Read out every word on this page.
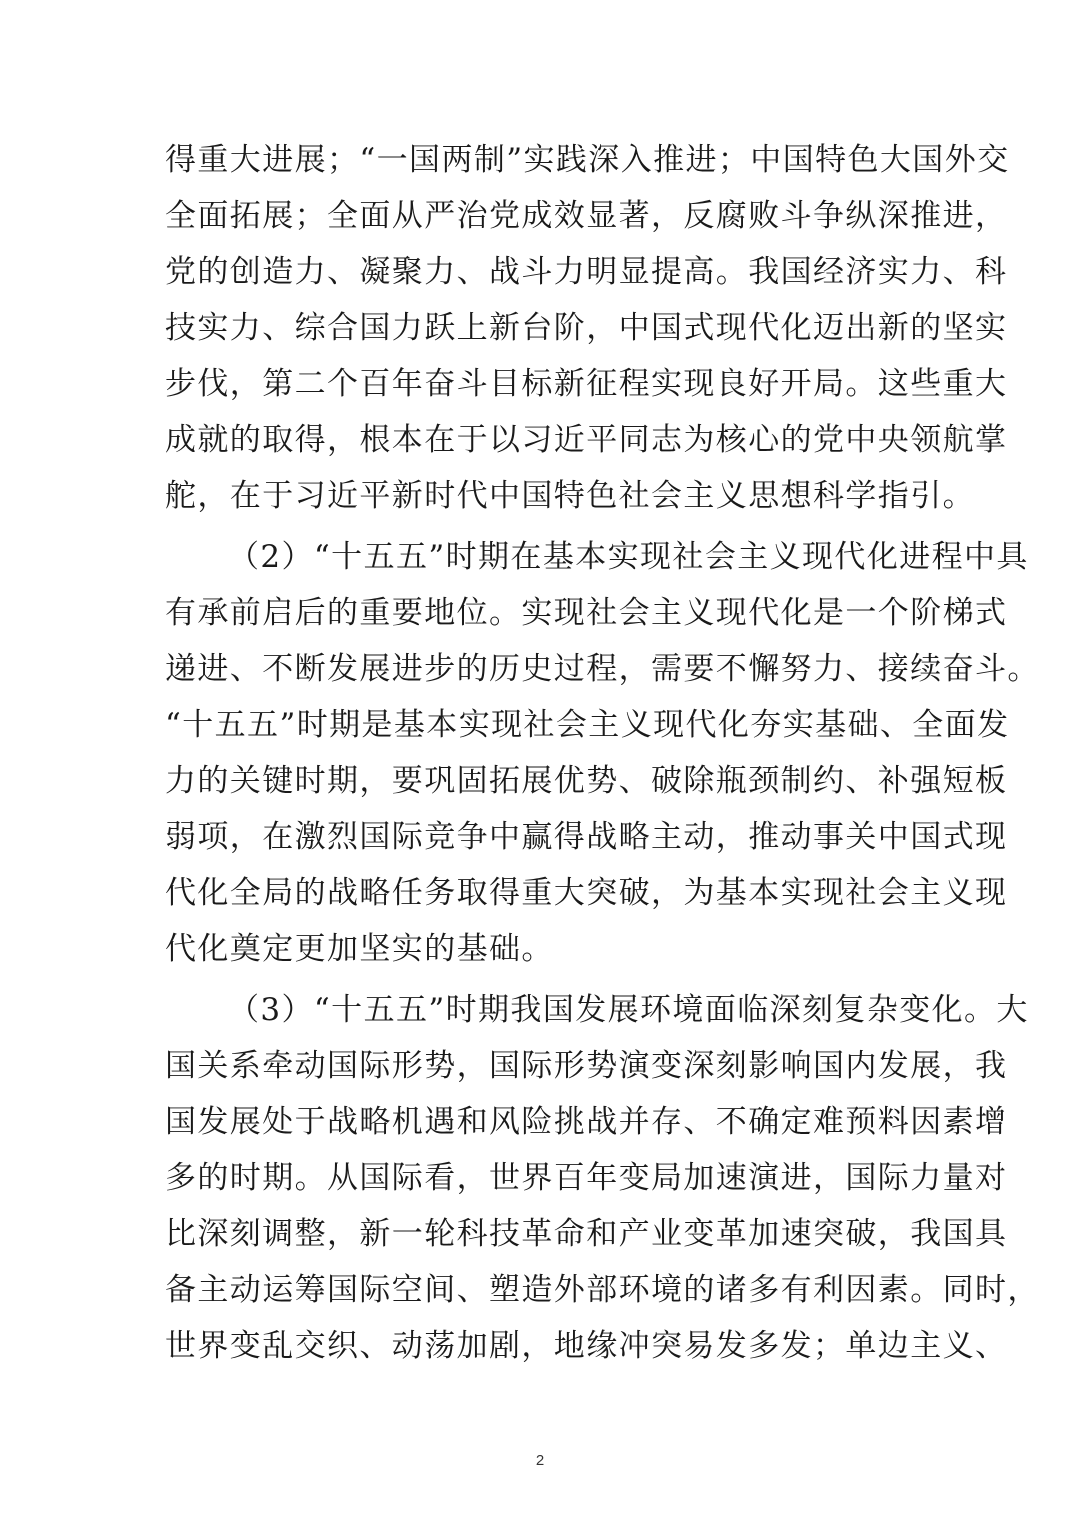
得重大进展；“一国两制”实践深入推进；中国特色大国外交
全面拓展；全面从严治党成效显著，反腐败斗争纵深推进，
党的创造力、凝聚力、战斗力明显提高。我国经济实力、科
技实力、综合国力跃上新台阶，中国式现代化迈出新的坚实
步伐，第二个百年奋斗目标新征程实现良好开局。这些重大
成就的取得，根本在于以习近平同志为核心的党中央领航掌
舵，在于习近平新时代中国特色社会主义思想科学指引。
（2）“十五五”时期在基本实现社会主义现代化进程中具
有承前启后的重要地位。实现社会主义现代化是一个阶梯式
递进、不断发展进步的历史过程，需要不懈努力、接续奋斗。
“十五五”时期是基本实现社会主义现代化夯实基础、全面发
力的关键时期，要巩固拓展优势、破除瓶颈制约、补强短板
弱项，在激烈国际竞争中赢得战略主动，推动事关中国式现
代化全局的战略任务取得重大突破，为基本实现社会主义现
代化奠定更加坚实的基础。
（3）“十五五”时期我国发展环境面临深刻复杂变化。大
国关系牵动国际形势，国际形势演变深刻影响国内发展，我
国发展处于战略机遇和风险挑战并存、不确定难预料因素增
多的时期。从国际看，世界百年变局加速演进，国际力量对
比深刻调整，新一轮科技革命和产业变革加速突破，我国具
备主动运筹国际空间、塑造外部环境的诸多有利因素。同时，
世界变乱交织、动荡加剧，地缘冲突易发多发；单边主义、
2
